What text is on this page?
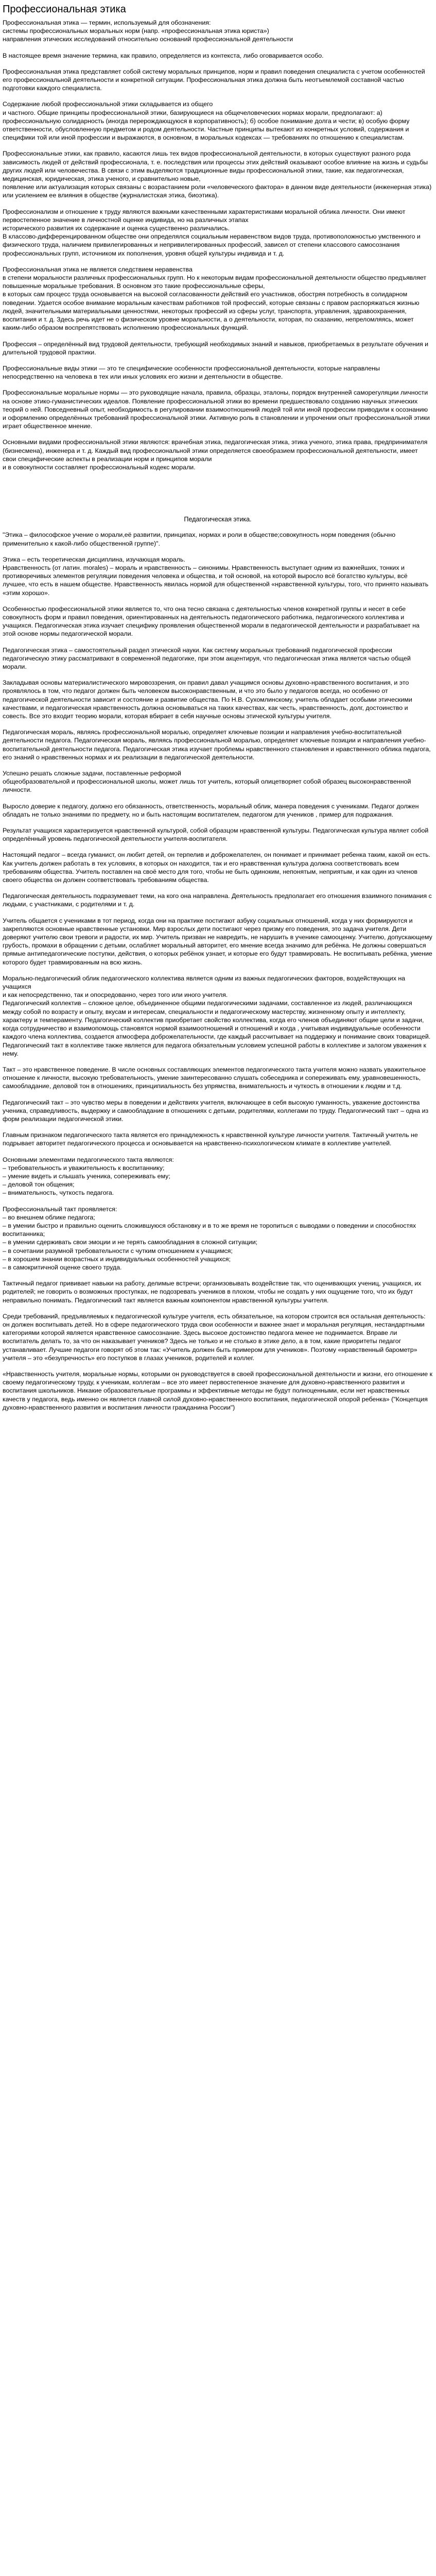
Профессиональная этика

Профессиональная этика — термин, используемый для обозначения:

системы профессиональных моральных норм (напр. «профессиональная этика юриста»)

направления этических исследований относительно оснований профессиональной деятельности

В настоящее время значение термина, как правило, определяется из контекста, либо оговаривается особо.

Профессиональная этика представляет собой систему моральных принципов, норм и правил поведения специалиста с учетом особенностей
его профессиональной деятельности и конкретной ситуации. Профессиональная этика должна быть неотъемлемой составной частью подготовки каждого специалиста.

Содержание любой профессиональной этики складывается из общего
и частного. Общие принципы профессиональной этики, базирующиеся на общечеловеческих нормах морали, предполагают: а) профессиональную солидарность (иногда перерождающуюся в корпоративность); б) особое понимание долга и чести; в) особую форму ответственности, обусловленную предметом и родом деятельности. Частные принципы вытекают из конкретных условий, содержания и специфики той или иной профессии и выражаются, в основном, в моральных кодексах — требованиях по отношению к специалистам.

Профессиональные этики, как правило, касаются лишь тех видов профессиональной деятельности, в которых существуют разного рода зависимость людей от действий профессионала, т. е. последствия или процессы этих действий оказывают особое влияние на жизнь и судьбы других людей или человечества. В связи с этим выделяются традиционные виды профессиональной этики, такие, как педагогическая, медицинская, юридическая, этика ученого, и сравнительно новые,
появление или актуализация которых связаны с возрастанием роли «человеческого фактора» в данном виде деятельности (инженерная этика) или усилением ее влияния в обществе (журналистская этика, биоэтика).

Профессионализм и отношение к труду являются важными качественными характеристиками моральной облика личности. Они имеют первостепенное значение в личностной оценке индивида, но на различных этапах
исторического развития их содержание и оценка существенно различались.
В классово-дифференцированном обществе они определялся социальным неравенством видов труда, противоположностью умственного и физического труда, наличием привилегированных и непривилегированных профессий, зависел от степени классового самосознания профессиональных групп, источником их пополнения, уровня общей культуры индивида и т. д.

Профессиональная этика не является следствием неравенства
в степени моральности различных профессиональных групп. Но к некоторым видам профессиональной деятельности общество предъявляет повышенные моральные требования. В основном это такие профессиональные сферы,
в которых сам процесс труда основывается на высокой согласованности действий его участников, обостряя потребность в солидарном поведении. Удается особое внимание моральным качествам работников той профессий, которые связаны с правом распоряжаться жизнью людей, значительными материальными ценностями, некоторых профессий из сферы услуг, транспорта, управления, здравоохранения, воспитания и т. д. Здесь речь идет не о физическом уровне моральности, а о деятельности, которая, по сказанию, непреломляясь, может каким-либо образом воспрепятствовать исполнению профессиональных функций.

Профессия – определённый вид трудовой деятельности, требующий необходимых знаний и навыков, приобретаемых в результате обучения и длительной трудовой практики.

Профессиональные виды этики — это те специфические особенности профессиональной деятельности, которые направлены непосредственно на человека в тех или иных условиях его жизни и деятельности в обществе.

Профессиональные моральные нормы — это руководящие начала, правила, образцы, эталоны, порядок внутренней саморегуляции личности на основе этико-гуманистических идеалов. Появление профессиональной этики во времени предшествовало созданию научных этических теорий о ней. Повседневный опыт, необходимость в регулировании взаимоотношений людей той или иной профессии приводили к осознанию и оформлению определённых требований профессиональной этики. Активную роль в становлении и упрочении опыт профессиональной этики играет общественное мнение.

Основными видами профессиональной этики являются: врачебная этика, педагогическая этика, этика ученого, этика права, предпринимателя (бизнесмена), инженера и т. д. Каждый вид профессиональной этики определяется своеобразием профессиональной деятельности, имеет свои специфические аспекты в реализации норм и принципов морали
и в совокупности составляет профессиональный кодекс морали.

Педагогическая этика.

"Этика – философское учение о морали,её развитии, принципах, нормах и роли в обществе;совокупность норм поведения (обычно применительно к какой-либо общественной группе)".

Этика – есть теоретическая дисциплина, изучающая мораль.
Нравственность (от латин. morales) – мораль и нравственность – синонимы. Нравственность выступает одним из важнейших, тонких и противоречивых элементов регуляции поведения человека и общества, и той основой, на которой выросло всё богатство культуры, всё лучшее, что есть в нашем обществе. Нравственность явилась нормой для общественной «нравственной культуры, того, что принято называть «этим хорошо».

Особенностью профессиональной этики является то, что она тесно связана с деятельностью членов конкретной группы и несет в себе совокупность форм и правил поведения, ориентированных на деятельность педагогического работника, педагогического коллектива и учащихся. Педагогическая этика изучает специфику проявления общественной морали в педагогической деятельности и разрабатывает на этой основе нормы педагогической морали.

Педагогическая этика – самостоятельный раздел этической науки. Как систему моральных требований педагогической профессии педагогическую этику рассматривают в современной педагогике, при этом акцентируя, что педагогическая этика является частью общей морали.

Закладывая основы материалистического мировоззрения, он правил давал учащимся основы духовно-нравственного воспитания, и это проявлялось в том, что педагог должен быть человеком высоконравственным, и что это было у педагогов всегда, но особенно от педагогической деятельности зависит и состояние и развитие общества. По Н.В. Сухомлинскому, учитель обладает особыми этическими качествами, и педагогическая нравственность должна основываться на таких качествах, как честь, нравственность, долг, достоинство и совесть. Все это входит теорию морали, которая вбирает в себя научные основы этической культуры учителя.

Педагогическая мораль, являясь профессиональной моралью, определяет ключевые позиции и направления учебно-воспитательной деятельности педагога. Педагогическая мораль, являясь профессиональной моралью, определяет ключевые позиции и направления учебно-воспитательной деятельности педагога. Педагогическая этика изучает проблемы нравственного становления и нравственного облика педагога, его знаний о нравственных нормах и их реализации в педагогической деятельности.

Успешно решать сложные задачи, поставленные реформой
общеобразовательной и профессиональной школы, может лишь тот учитель, который олицетворяет собой образец высоконравственной личности.

Выросло доверие к педагогу, должно его обязанность, ответственность, моральный облик, манера поведения с учениками. Педагог должен обладать не только знаниями по предмету, но и быть настоящим воспитателем, педагогом для учеников , пример для подражания.

Результат учащихся характеризуется нравственной культурой, собой образцом нравственной культуры. Педагогическая культура являет собой определённый уровень педагогической деятельности учителя-воспитателя.

Настоящий педагог – всегда гуманист, он любит детей, он терпелив и доброжелателен, он понимает и принимает ребенка таким, какой он есть. Как учитель должен работать в тех условиях, в которых он находится, так и его нравственная культура должна соответствовать всем требованиям общества. Учитель поставлен на своё место для того, чтобы не быть одиноким, непонятым, неприятым, и как один из членов своего общества он должен соответствовать требованиям общества.

Педагогическая деятельность подразумевает теми, на кого она направлена. Деятельность предполагает его отношения взаимного понимания с людьми, с участниками, с родителями и т. д.

Учитель общается с учениками в тот период, когда они на практике постигают азбуку социальных отношений, когда у них формируются и закрепляются основные нравственные установки. Мир взрослых дети постигают через призму его поведения, это задача учителя. Дети доверяют учителю свои тревоги и радости, их мир. Учитель призван не навредить, не нарушить в ученике самооценку. Учителю, допускающему грубость, промахи в обращении с детьми, ослабляет моральный авторитет, его мнение всегда значимо для ребёнка. Не должны совершаться прямые антипедагогические поступки, действия, о которых ребёнок узнает, и которые его будут травмировать. Не воспитывать ребёнка, умение которого будет травмированным на всю жизнь.

Морально-педагогический облик педагогического коллектива является одним из важных педагогических факторов, воздействующих на учащихся
и как непосредственно, так и опосредованно, через того или иного учителя.
Педагогический коллектив – сложное целое, объединенное общими педагогическими задачами, составленное из людей, различающихся между собой по возрасту и опыту, вкусам и интересам, специальности и педагогическому мастерству, жизненному опыту и интеллекту, характеру и темпераменту. Педагогический коллектив приобретает свойство коллектива, когда его членов объединяют общие цели и задачи, когда сотрудничество и взаимопомощь становятся нормой взаимоотношений и отношений и когда , учитывая индивидуальные особенности каждого члена коллектива, создается атмосфера доброжелательности, где каждый рассчитывает на поддержку и понимание своих товарищей. Педагогический такт в коллективе также является для педагога обязательным условием успешной работы в коллективе и залогом уважения к нему.

Такт – это нравственное поведение. В числе основных составляющих элементов педагогического такта учителя можно назвать уважительное отношение к личности, высокую требовательность, умение заинтересованно слушать собеседника и сопереживать ему, уравновешенность, самообладание, деловой тон в отношениях, принципиальность без упрямства, внимательность и чуткость в отношении к людям и т.д.

Педагогический такт – это чувство меры в поведении и действиях учителя, включающее в себя высокую гуманность, уважение достоинства ученика, справедливость, выдержку и самообладание в отношениях с детьми, родителями, коллегами по труду. Педагогический такт – одна из форм реализации педагогической этики.

Главным признаком педагогического такта является его принадлежность к нравственной культуре личности учителя. Тактичный учитель не подрывает авторитет педагогического процесса и основывается на нравственно-психологическом климате в коллективе учителей.

Основными элементами педагогического такта являются:

– требовательность и уважительность к воспитаннику;
– умение видеть и слышать ученика, сопереживать ему;
– деловой тон общения;
– внимательность, чуткость педагога.

Профессиональный такт проявляется:

– во внешнем облике педагога;
– в умении быстро и правильно оценить сложившуюся обстановку и в то же время не торопиться с выводами о поведении и способностях воспитанника;
– в умении сдерживать свои эмоции и не терять самообладания в сложной ситуации;
– в сочетании разумной требовательности с чутким отношением к учащимся;
– в хорошем знании возрастных и индивидуальных особенностей учащихся;
– в самокритичной оценке своего труда.

Тактичный педагог прививает навыки на работу, делимые встречи; организовывать воздействие так, что оценивающих учениц, учащихся, их родителей; не говорить о возможных проступках, не подозревать учеников в плохом, чтобы не создать у них ощущение того, что их будут неправильно понимать. Педагогический такт является важным компонентом нравственной культуры учителя.

Среди требований, предъявляемых к педагогической культуре учителя, есть обязательное, на котором строится вся остальная деятельность: он должен воспитывать детей. Но в сфере педагогического труда свои особенности и важнее знает и моральная регуляция, нестандартными категориями которой является нравственное самосознание. Здесь высокое достоинство педагога менее не поднимается. Вправе ли воспитатель делать то, за что он наказывает учеников? Здесь не только и не столько в этике дело, а в том, какие приоритеты педагог устанавливает. Лучшие педагоги говорят об этом так: «Учитель должен быть примером для учеников». Поэтому «нравственный барометр» учителя – это «безупречность» его поступков в глазах учеников, родителей и коллег.

«Нравственность учителя, моральные нормы, которыми он руководствуется в своей профессиональной деятельности и жизни, его отношение к своему педагогическому труду, к ученикам, коллегам – все это имеет первостепенное значение для духовно-нравственного развития и воспитания школьников. Никакие образовательные программы и эффективные методы не будут полноценными, если нет нравственных качеств у педагога, ведь именно он является главной силой духовно-нравственного воспитания, педагогической опорой ребенка» ("Концепция духовно-нравственного развития и воспитания личности гражданина России")
